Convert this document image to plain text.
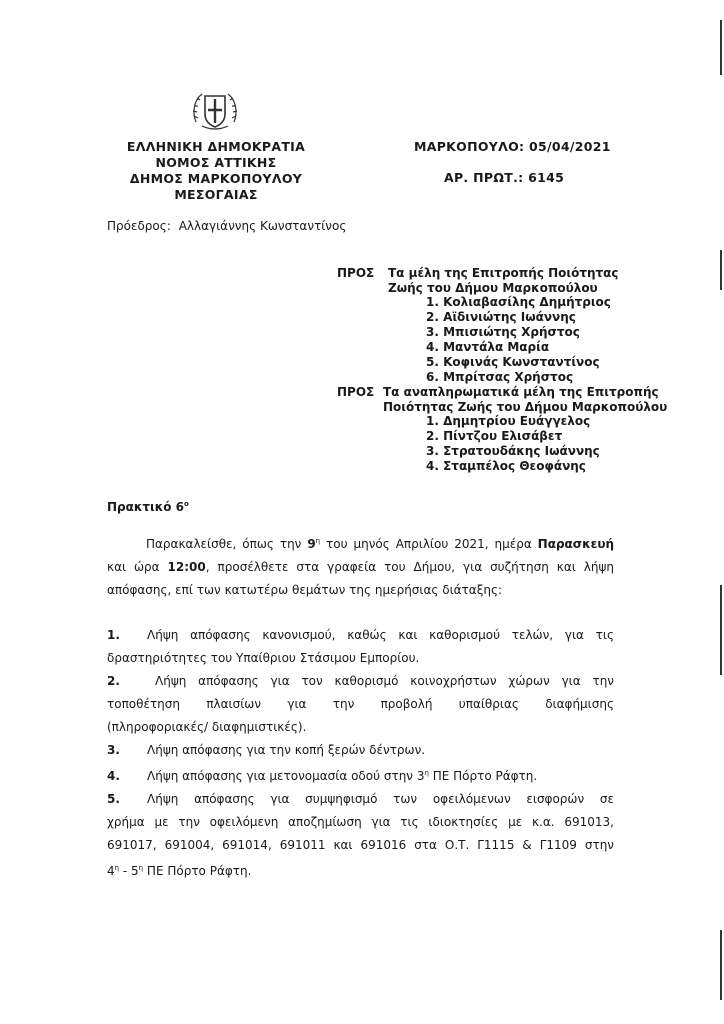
ΕΛΛΗΝΙΚΗ ΔΗΜΟΚΡΑΤΙΑ
ΝΟΜΟΣ ΑΤΤΙΚΗΣ
ΔΗΜΟΣ ΜΑΡΚΟΠΟΥΛΟΥ
ΜΕΣΟΓΑΙΑΣ
ΜΑΡΚΟΠΟΥΛΟ: 05/04/2021
ΑΡ. ΠΡΩΤ.: 6145
Πρόεδρος: Αλλαγιάννης Κωνσταντίνος
ΠΡΟΣ Τα μέλη της Επιτροπής Ποιότητας
Ζωής του Δήμου Μαρκοπούλου
1. Κολιαβασίλης Δημήτριος
2. Αϊδινιώτης Ιωάννης
3. Μπισιώτης Χρήστος
4. Μαντάλα Μαρία
5. Κοφινάς Κωνσταντίνος
6. Μπρίτσας Χρήστος
ΠΡΟΣ Τα αναπληρωματικά μέλη της Επιτροπής
Ποιότητας Ζωής του Δήμου Μαρκοπούλου
1. Δημητρίου Ευάγγελος
2. Πίντζου Ελισάβετ
3. Στρατουδάκης Ιωάννης
4. Σταμπέλος Θεοφάνης
Πρακτικό $6^o$
Παρακαλείσθε, όπως την $9^\eta$ του μηνός Απριλίου 2021, ημέρα Παρασκευή
και ώρα 12:00, προσέλθετε στα γραφεία του Δήμου, για συζήτηση και λήψη
απόφασης, επί των κατωτέρω θεμάτων της ημερήσιας διάταξης:
1. Λήψη απόφασης κανονισμού, καθώς και καθορισμού τελών, για τις
δραστηριότητες του Υπαίθριου Στάσιμου Εμπορίου.
2.	Λήψη απόφασης για τον καθορισμό κοινοχρήστων χώρων για την
τοποθέτηση πλαισίων για την προβολή υπαίθριας διαφήμισης
(πληροφοριακές/ διαφημιστικές).
3. Λήψη απόφασης για την κοπή ξερών δέντρων.
4. Λήψη απόφασης για μετονομασία οδού στην $3^\eta$ ΠΕ Πόρτο Ράφτη.
5. Λήψη απόφασης για συμψηφισμό των οφειλόμενων εισφορών σε
χρήμα με την οφειλόμενη αποζημίωση για τις ιδιοκτησίες με κ.α. 691013,
691017, 691004, 691014, 691011 και 691016 στα Ο.Τ. Γ1115 & Γ1109 στην
$4^\eta - 5^\eta$ ΠΕ Πόρτο Ράφτη.
